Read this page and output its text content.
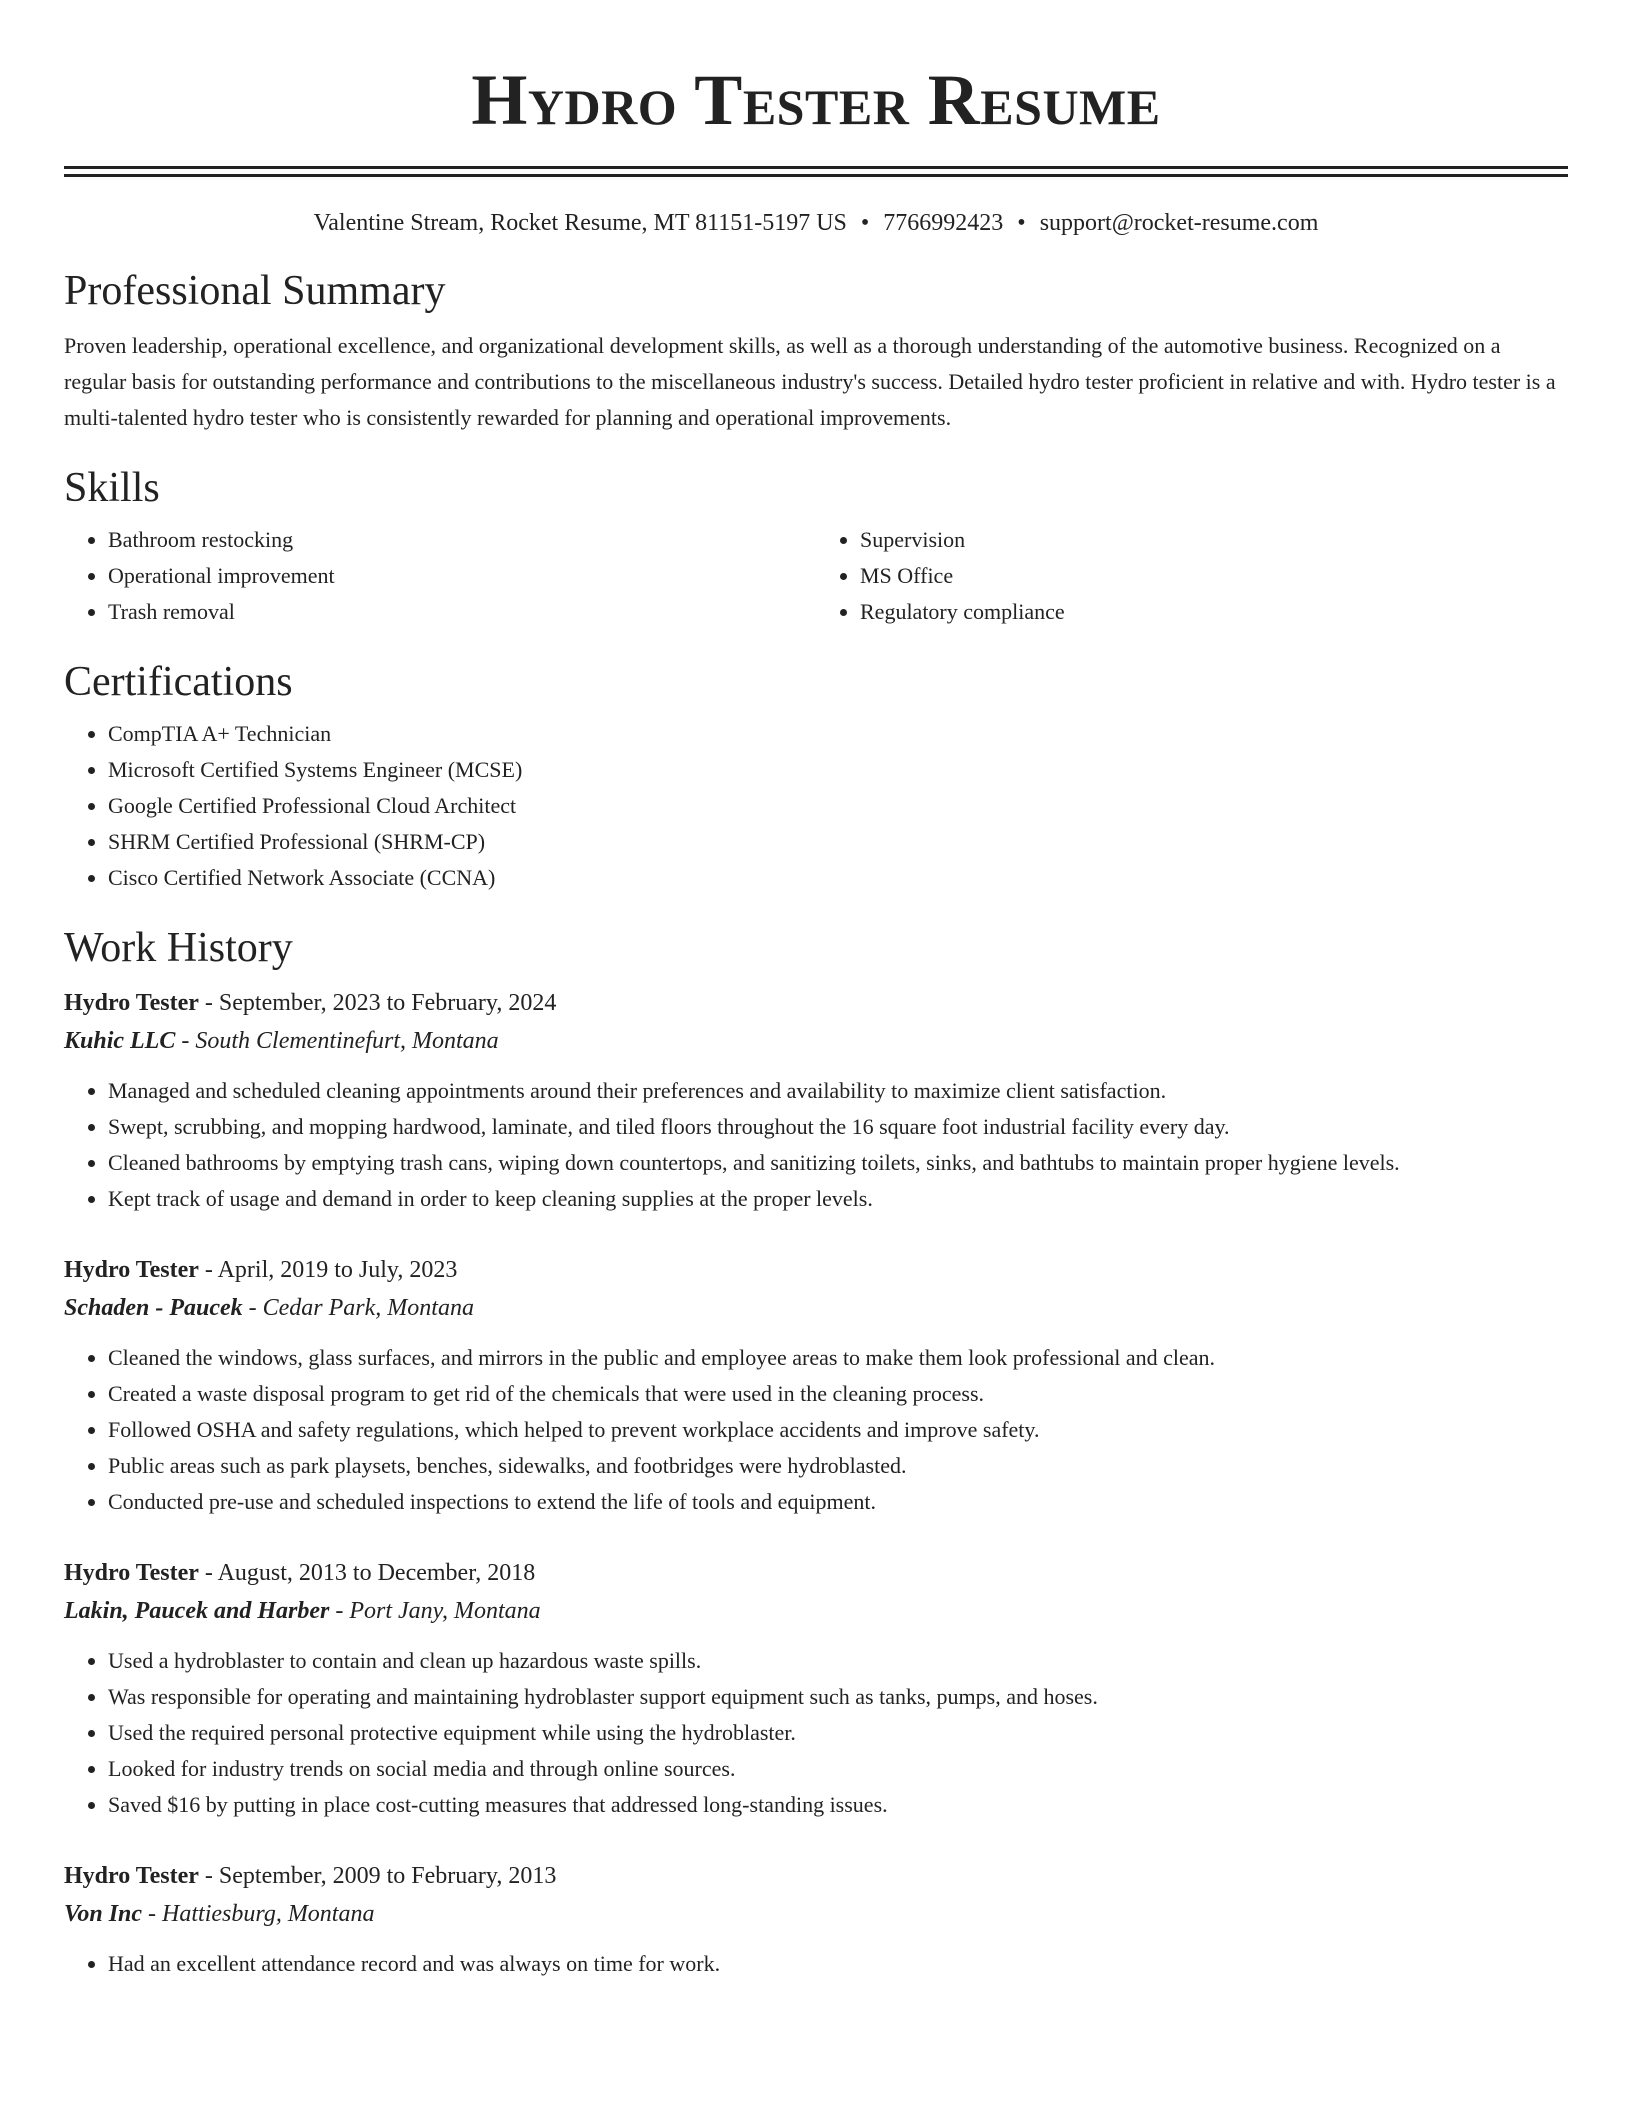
Hydro Tester Resume
Valentine Stream, Rocket Resume, MT 81151-5197 US • 7766992423 • support@rocket-resume.com
Professional Summary

Proven leadership, operational excellence, and organizational development skills, as well as a thorough understanding of the automotive business. Recognized on a regular basis for outstanding performance and contributions to the miscellaneous industry's success. Detailed hydro tester proficient in relative and with. Hydro tester is a multi-talented hydro tester who is consistently rewarded for planning and operational improvements.

Skills
• Bathroom restocking
• Operational improvement
• Trash removal
• Supervision
• MS Office
• Regulatory compliance
Certifications
• CompTIA A+ Technician
• Microsoft Certified Systems Engineer (MCSE)
• Google Certified Professional Cloud Architect
• SHRM Certified Professional (SHRM-CP)
• Cisco Certified Network Associate (CCNA)
Work History
Hydro Tester - September, 2023 to February, 2024
Kuhic LLC - South Clementinefurt, Montana
• Managed and scheduled cleaning appointments around their preferences and availability to maximize client satisfaction.
• Swept, scrubbing, and mopping hardwood, laminate, and tiled floors throughout the 16 square foot industrial facility every day.
• Cleaned bathrooms by emptying trash cans, wiping down countertops, and sanitizing toilets, sinks, and bathtubs to maintain proper hygiene levels.
• Kept track of usage and demand in order to keep cleaning supplies at the proper levels.
Hydro Tester - April, 2019 to July, 2023
Schaden - Paucek - Cedar Park, Montana
• Cleaned the windows, glass surfaces, and mirrors in the public and employee areas to make them look professional and clean.
• Created a waste disposal program to get rid of the chemicals that were used in the cleaning process.
• Followed OSHA and safety regulations, which helped to prevent workplace accidents and improve safety.
• Public areas such as park playsets, benches, sidewalks, and footbridges were hydroblasted.
• Conducted pre-use and scheduled inspections to extend the life of tools and equipment.
Hydro Tester - August, 2013 to December, 2018
Lakin, Paucek and Harber - Port Jany, Montana
• Used a hydroblaster to contain and clean up hazardous waste spills.
• Was responsible for operating and maintaining hydroblaster support equipment such as tanks, pumps, and hoses.
• Used the required personal protective equipment while using the hydroblaster.
• Looked for industry trends on social media and through online sources.
• Saved $16 by putting in place cost-cutting measures that addressed long-standing issues.
Hydro Tester - September, 2009 to February, 2013
Von Inc - Hattiesburg, Montana
• Had an excellent attendance record and was always on time for work.
